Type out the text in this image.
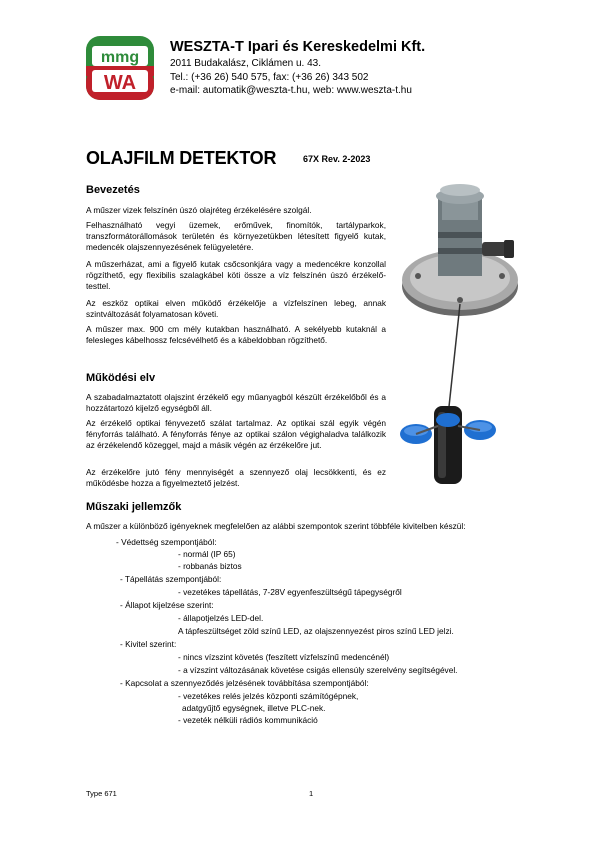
mmg
WA
WESZTA-T Ipari és Kereskedelmi Kft.
2011 Budakalász, Ciklámen u. 43.
Tel.: (+36 26) 540 575, fax: (+36 26) 343 502
e-mail: automatik@weszta-t.hu, web: www.weszta-t.hu
OLAJFILM DETEKTOR	67X Rev. 2-2023
Bevezetés
A műszer vizek felszínén úszó olajréteg érzékelésére szolgál.
Felhasználható vegyi üzemek, erőművek, finomítók, tartályparkok, transzformátorállomások területén és környezetükben létesített figyelő kutak, medencék olajszennyezésének felügyeletére.
A műszerházat, ami a figyelő kutak csőcsonkjára vagy a medencékre konzollal rögzíthető, egy flexibilis szalagkábel köti össze a víz felszínén úszó érzékelő-testtel.
Az eszköz optikai elven működő érzékelője a vízfelszínen lebeg, annak szintváltozását folyamatosan követi.
A műszer max. 900 cm mély kutakban használható. A sekélyebb kutaknál a felesleges kábelhossz felcsévélhető és a kábeldobban rögzíthető.
Működési elv
A szabadalmaztatott olajszint érzékelő egy műanyagból készült érzékelőből és a hozzátartozó kijelző egységből áll.
Az érzékelő optikai fényvezető szálat tartalmaz. Az optikai szál egyik végén fényforrás található. A fényforrás fénye az optikai szálon végighaladva találkozik az érzékelendő közeggel, majd a másik végén az érzékelőre jut.
Az érzékelőre jutó fény mennyiségét a szennyező olaj lecsökkenti, és ez működésbe hozza a figyelmeztető jelzést.
Műszaki jellemzők
A műszer a különböző igényeknek megfelelően az alábbi szempontok szerint többféle kivitelben készül:
- Védettség szempontjából:
- normál (IP 65)
- robbanás biztos
- Tápellátás szempontjából:
- vezetékes tápellátás, 7-28V egyenfeszültségű tápegységről
- Állapot kijelzése szerint:
- állapotjelzés LED-del.
A tápfeszültséget zöld színű LED, az olajszennyezést piros színű LED jelzi.
- Kivitel szerint:
- nincs vízszint követés (feszített vízfelszínű medencénél)
- a vízszint változásának követése csigás ellensúly szerelvény segítségével.
- Kapcsolat a szennyeződés jelzésének továbbítása szempontjából:
- vezetékes relés jelzés központi számítógépnek,
adatgyűjtő egységnek, illetve PLC-nek.
- vezeték nélküli rádiós kommunikáció
Type 671	1
